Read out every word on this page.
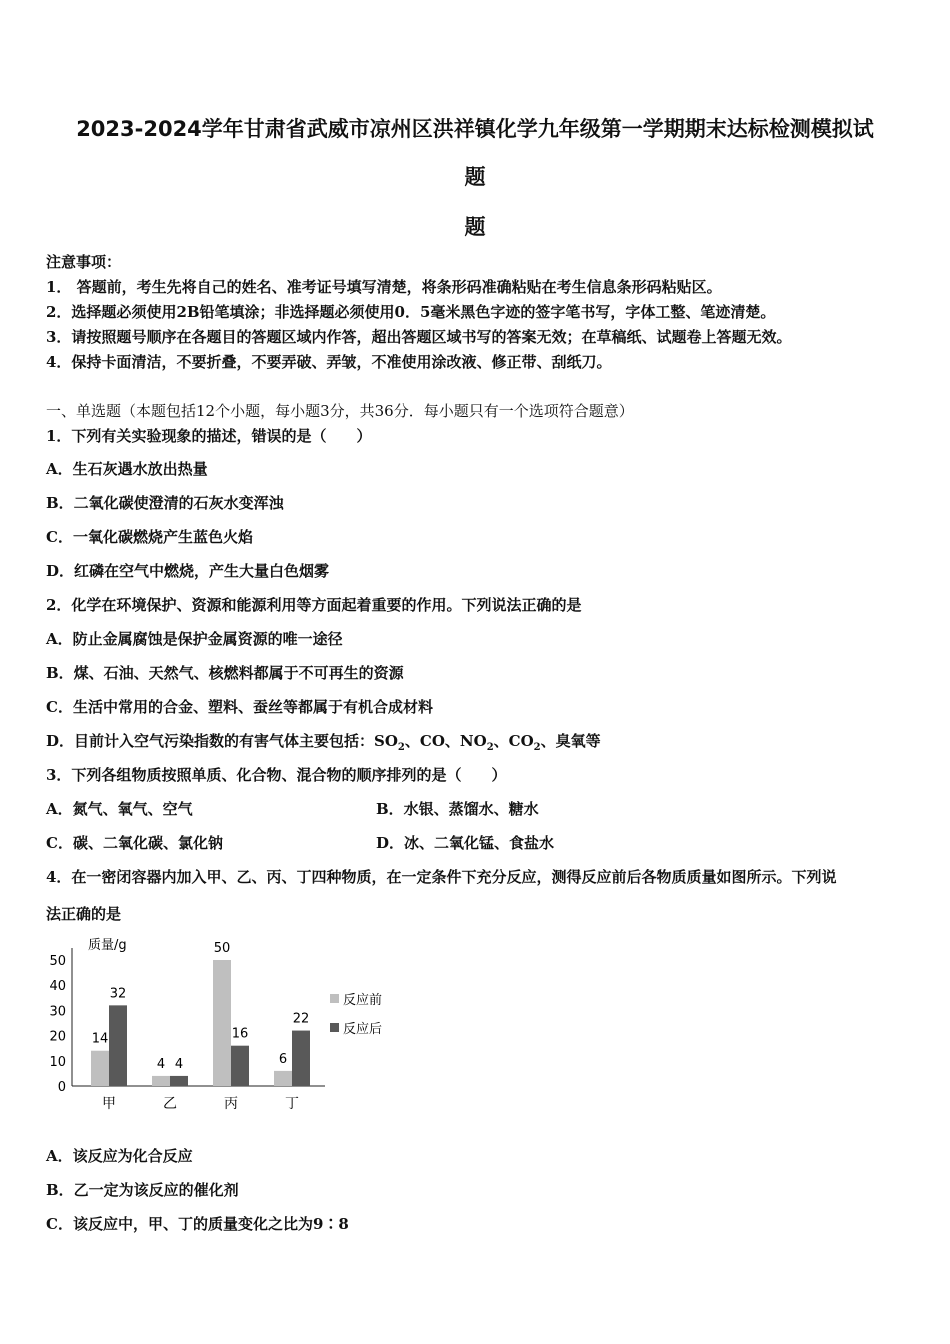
2023-2024学年甘肃省武威市凉州区洪祥镇化学九年级第一学期期末达标检测模拟试
题
题
注意事项：
1． 答题前，考生先将自己的姓名、准考证号填写清楚，将条形码准确粘贴在考生信息条形码粘贴区。
2．选择题必须使用2B铅笔填涂；非选择题必须使用0．5毫米黑色字迹的签字笔书写，字体工整、笔迹清楚。
3．请按照题号顺序在各题目的答题区域内作答，超出答题区域书写的答案无效；在草稿纸、试题卷上答题无效。
4．保持卡面清洁，不要折叠，不要弄破、弄皱，不准使用涂改液、修正带、刮纸刀。
一、单选题（本题包括12个小题，每小题3分，共36分．每小题只有一个选项符合题意）
1．下列有关实验现象的描述，错误的是（　　）
A．生石灰遇水放出热量
B．二氧化碳使澄清的石灰水变浑浊
C．一氧化碳燃烧产生蓝色火焰
D．红磷在空气中燃烧，产生大量白色烟雾
2．化学在环境保护、资源和能源利用等方面起着重要的作用。下列说法正确的是
A．防止金属腐蚀是保护金属资源的唯一途径
B．煤、石油、天然气、核燃料都属于不可再生的资源
C．生活中常用的合金、塑料、蚕丝等都属于有机合成材料
D．目前计入空气污染指数的有害气体主要包括：$SO_2$、CO、$NO_2$、$CO_2$、臭氧等
3．下列各组物质按照单质、化合物、混合物的顺序排列的是（　　）
A．氮气、氧气、空气	B．水银、蒸馏水、糖水
C．碳、二氧化碳、氯化钠	D．冰、二氧化锰、食盐水
4．在一密闭容器内加入甲、乙、丙、丁四种物质，在一定条件下充分反应，测得反应前后各物质质量如图所示。下列说
法正确的是
质量/g
0
10
20
30
40
50
14
32
4 4
50
16
6
22
甲	乙	丙	丁
反应前
反应后
A．该反应为化合反应
B．乙一定为该反应的催化剂
C．该反应中，甲、丁的质量变化之比为9∶8
